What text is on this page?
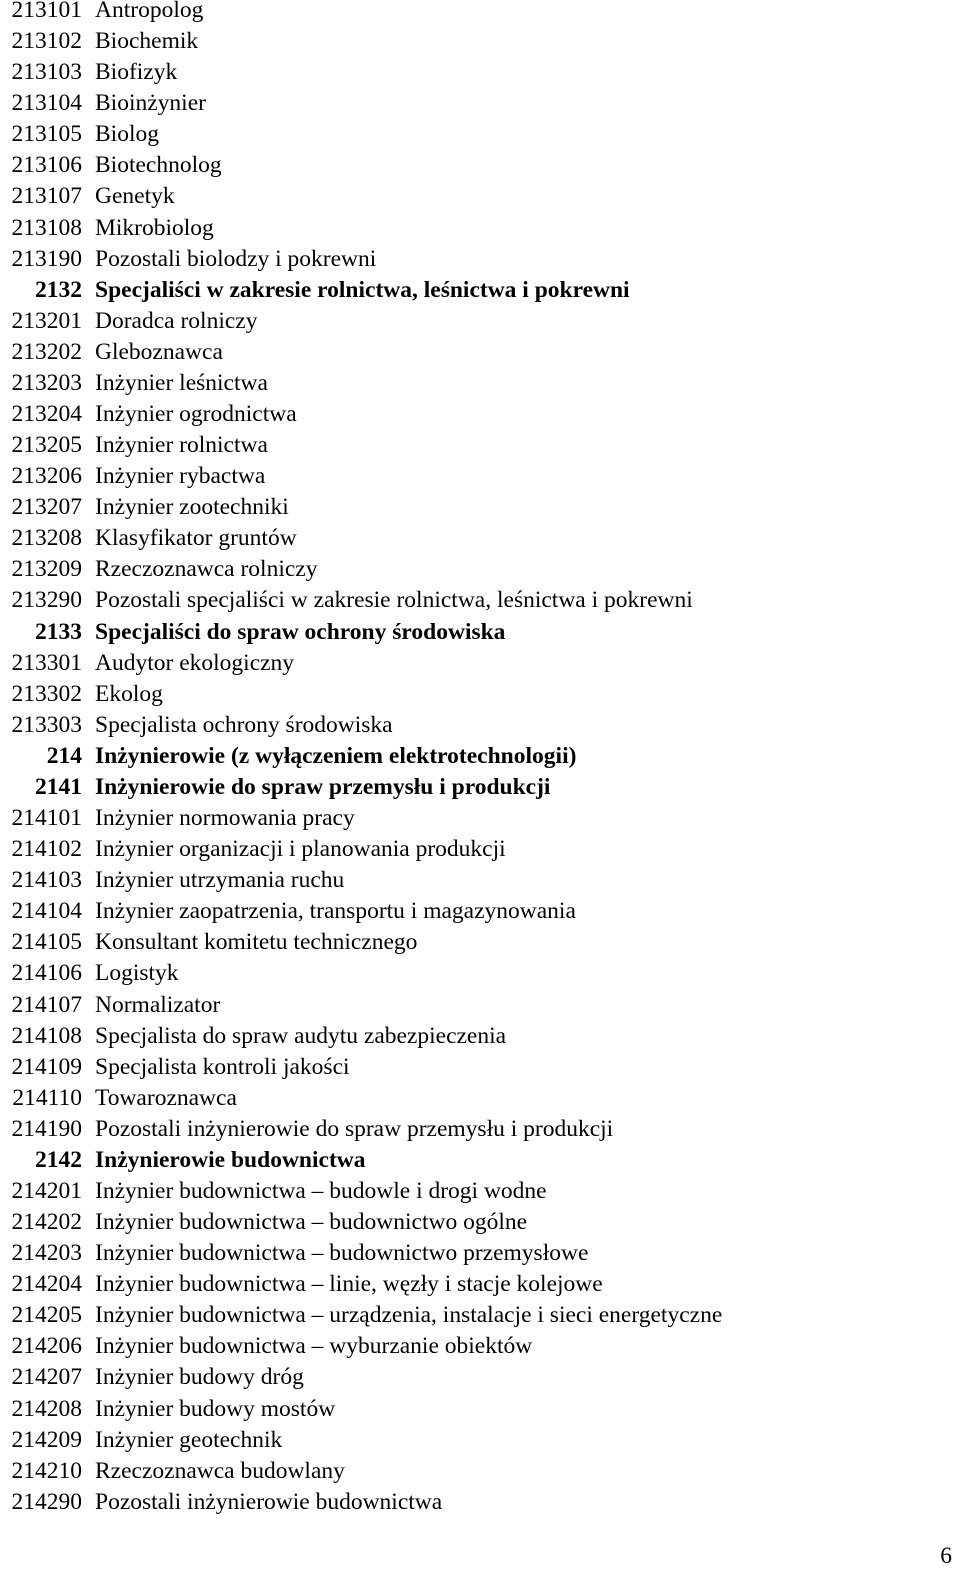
213101 Antropolog
213102 Biochemik
213103 Biofizyk
213104 Bioinżynier
213105 Biolog
213106 Biotechnolog
213107 Genetyk
213108 Mikrobiolog
213190 Pozostali biolodzy i pokrewni
2132 Specjaliści w zakresie rolnictwa, leśnictwa i pokrewni
213201 Doradca rolniczy
213202 Gleboznawca
213203 Inżynier leśnictwa
213204 Inżynier ogrodnictwa
213205 Inżynier rolnictwa
213206 Inżynier rybactwa
213207 Inżynier zootechniki
213208 Klasyfikator gruntów
213209 Rzeczoznawca rolniczy
213290 Pozostali specjaliści w zakresie rolnictwa, leśnictwa i pokrewni
2133 Specjaliści do spraw ochrony środowiska
213301 Audytor ekologiczny
213302 Ekolog
213303 Specjalista ochrony środowiska
214 Inżynierowie (z wyłączeniem elektrotechnologii)
2141 Inżynierowie do spraw przemysłu i produkcji
214101 Inżynier normowania pracy
214102 Inżynier organizacji i planowania produkcji
214103 Inżynier utrzymania ruchu
214104 Inżynier zaopatrzenia, transportu i magazynowania
214105 Konsultant komitetu technicznego
214106 Logistyk
214107 Normalizator
214108 Specjalista do spraw audytu zabezpieczenia
214109 Specjalista kontroli jakości
214110 Towaroznawca
214190 Pozostali inżynierowie do spraw przemysłu i produkcji
2142 Inżynierowie budownictwa
214201 Inżynier budownictwa – budowle i drogi wodne
214202 Inżynier budownictwa – budownictwo ogólne
214203 Inżynier budownictwa – budownictwo przemysłowe
214204 Inżynier budownictwa – linie, węzły i stacje kolejowe
214205 Inżynier budownictwa – urządzenia, instalacje i sieci energetyczne
214206 Inżynier budownictwa – wyburzanie obiektów
214207 Inżynier budowy dróg
214208 Inżynier budowy mostów
214209 Inżynier geotechnik
214210 Rzeczoznawca budowlany
214290 Pozostali inżynierowie budownictwa
6
